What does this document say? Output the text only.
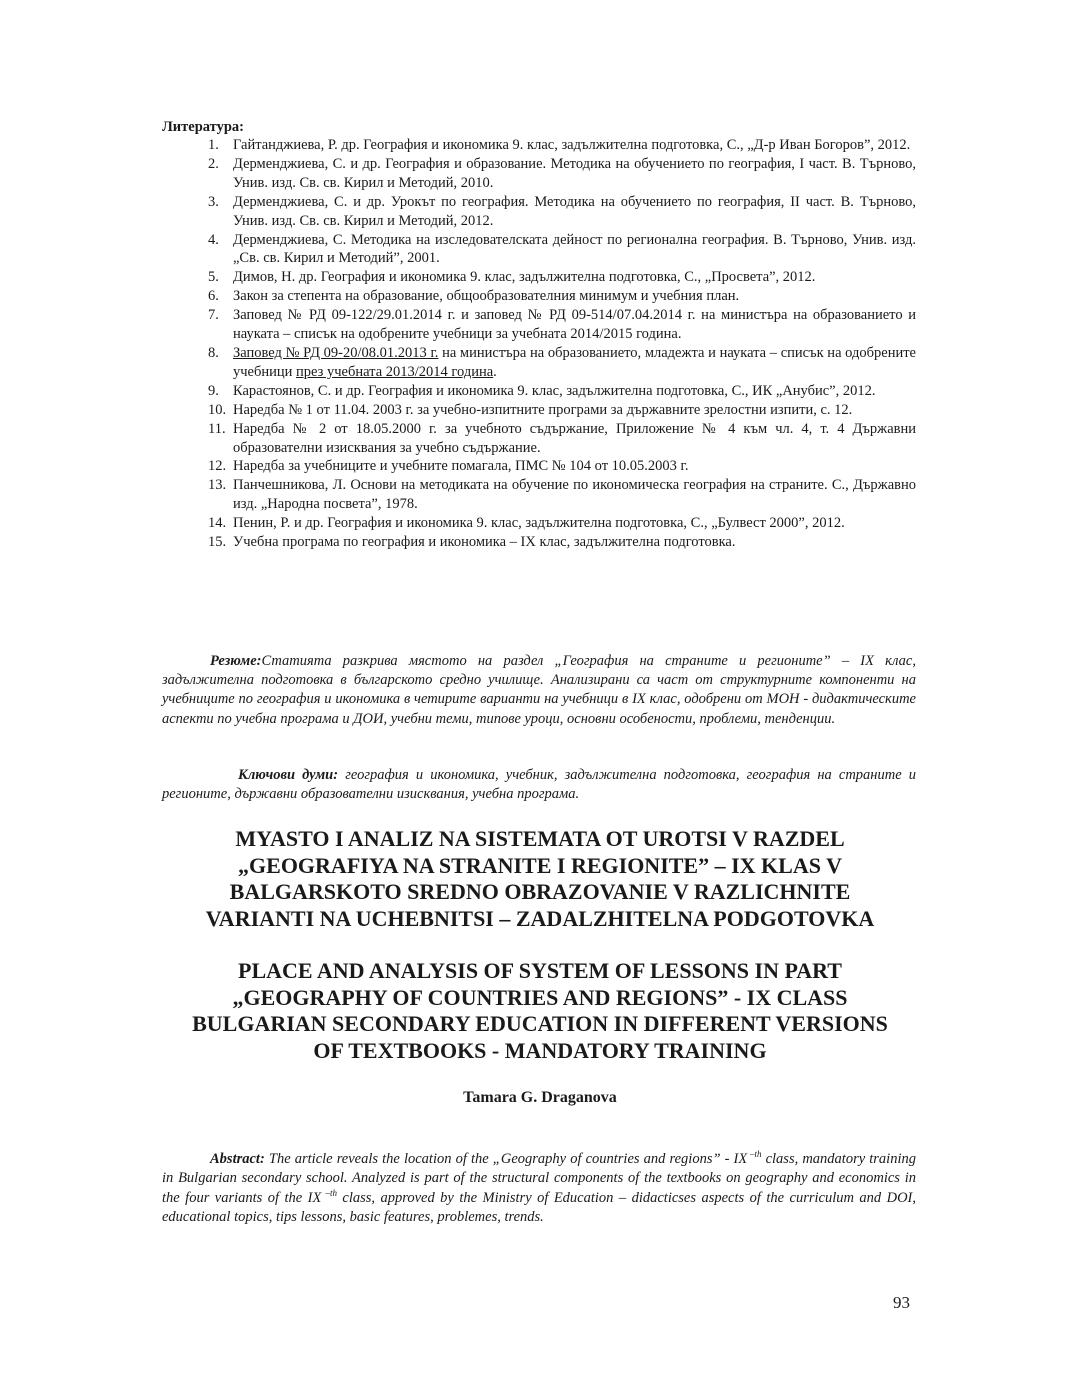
Литература:
1. Гайтанджиева, Р. др. География и икономика 9. клас, задължителна подготовка, С., „Д-р Иван Богоров”, 2012.
2. Дерменджиева, С. и др. География и образование. Методика на обучението по география, I част. В. Търново, Унив. изд. Св. св. Кирил и Методий, 2010.
3. Дерменджиева, С. и др. Урокът по география. Методика на обучението по география, II част. В. Търново, Унив. изд. Св. св. Кирил и Методий, 2012.
4. Дерменджиева, С. Методика на изследователската дейност по регионална география. В. Търново, Унив. изд. „Св. св. Кирил и Методий”, 2001.
5. Димов, Н. др. География и икономика 9. клас, задължителна подготовка, С., „Просвета”, 2012.
6. Закон за степента на образование, общообразователния минимум и учебния план.
7. Заповед № РД 09-122/29.01.2014 г. и заповед № РД 09-514/07.04.2014 г. на министъра на образованието и науката – списък на одобрените учебници за учебната 2014/2015 година.
8. Заповед № РД 09-20/08.01.2013 г. на министъра на образованието, младежта и науката – списък на одобрените учебници през учебната 2013/2014 година.
9. Карастоянов, С. и др. География и икономика 9. клас, задължителна подготовка, С., ИК „Анубис”, 2012.
10. Наредба № 1 от 11.04. 2003 г. за учебно-изпитните програми за държавните зрелостни изпити, с. 12.
11. Наредба № 2 от 18.05.2000 г. за учебното съдържание, Приложение № 4 към чл. 4, т. 4 Държавни образователни изисквания за учебно съдържание.
12. Наредба за учебниците и учебните помагала, ПМС № 104 от 10.05.2003 г.
13. Панчешникова, Л. Основи на методиката на обучение по икономическа география на страните. С., Държавно изд. „Народна посвета”, 1978.
14. Пенин, Р. и др. География и икономика 9. клас, задължителна подготовка, С., „Булвест 2000”, 2012.
15. Учебна програма по география и икономика – IX клас, задължителна подготовка.

Резюме:Статията разкрива мястото на раздел „География на страните и регионите” – IX клас, задължителна подготовка в българското средно училище. Анализирани са част от структурните компоненти на учебниците по география и икономика в четирите варианти на учебници в IX клас, одобрени от МОН - дидактическите аспекти по учебна програма и ДОИ, учебни теми, типове уроци, основни особености, проблеми, тенденции.

Ключови думи: география и икономика, учебник, задължителна подготовка, география на страните и регионите, държавни образователни изисквания, учебна програма.

MYASTO I ANALIZ NA SISTEMATA OT UROTSI V RAZDEL
„GEOGRAFIYA NA STRANITE I REGIONITE” – IX KLAS V
BALGARSKOTO SREDNO OBRAZOVANIE V RAZLICHNITE
VARIANTI NA UCHEBNITSI – ZADALZHITELNA PODGOTOVKA
PLACE AND ANALYSIS OF SYSTEM OF LESSONS IN PART
„GEOGRAPHY OF COUNTRIES AND REGIONS” - IX CLASS
BULGARIAN SECONDARY EDUCATION IN DIFFERENT VERSIONS
OF TEXTBOOKS - MANDATORY TRAINING
Tamara G. Draganova

Abstract: The article reveals the location of the „Geography of countries and regions” - IX $^{-th}$ class, mandatory training in Bulgarian secondary school. Analyzed is part of the structural components of the textbooks on geography and economics in the four variants of the IX $^{-th}$ class, approved by the Ministry of Education – didacticses aspects of the curriculum and DOI, educational topics, tips lessons, basic features, problemes, trends.

93
